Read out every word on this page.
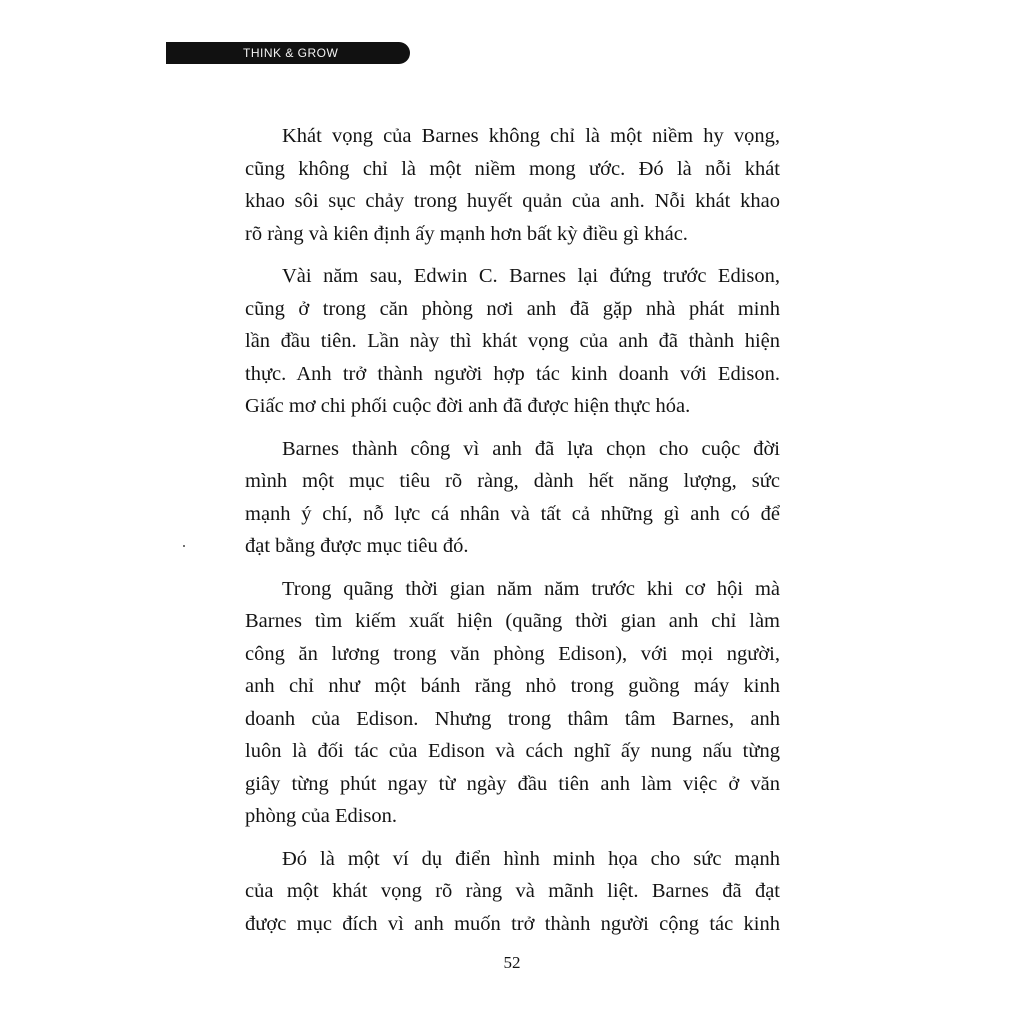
THINK & GROW
Khát vọng của Barnes không chỉ là một niềm hy vọng,
cũng không chỉ là một niềm mong ước. Đó là nỗi khát
khao sôi sục chảy trong huyết quản của anh. Nỗi khát khao
rõ ràng và kiên định ấy mạnh hơn bất kỳ điều gì khác.
Vài năm sau, Edwin C. Barnes lại đứng trước Edison,
cũng ở trong căn phòng nơi anh đã gặp nhà phát minh
lần đầu tiên. Lần này thì khát vọng của anh đã thành hiện
thực. Anh trở thành người hợp tác kinh doanh với Edison.
Giấc mơ chi phối cuộc đời anh đã được hiện thực hóa.
Barnes thành công vì anh đã lựa chọn cho cuộc đời
mình một mục tiêu rõ ràng, dành hết năng lượng, sức
mạnh ý chí, nỗ lực cá nhân và tất cả những gì anh có để
đạt bằng được mục tiêu đó.
Trong quãng thời gian năm năm trước khi cơ hội mà
Barnes tìm kiếm xuất hiện (quãng thời gian anh chỉ làm
công ăn lương trong văn phòng Edison), với mọi người,
anh chỉ như một bánh răng nhỏ trong guồng máy kinh
doanh của Edison. Nhưng trong thâm tâm Barnes, anh
luôn là đối tác của Edison và cách nghĩ ấy nung nấu từng
giây từng phút ngay từ ngày đầu tiên anh làm việc ở văn
phòng của Edison.
Đó là một ví dụ điển hình minh họa cho sức mạnh
của một khát vọng rõ ràng và mãnh liệt. Barnes đã đạt
được mục đích vì anh muốn trở thành người cộng tác kinh
52
